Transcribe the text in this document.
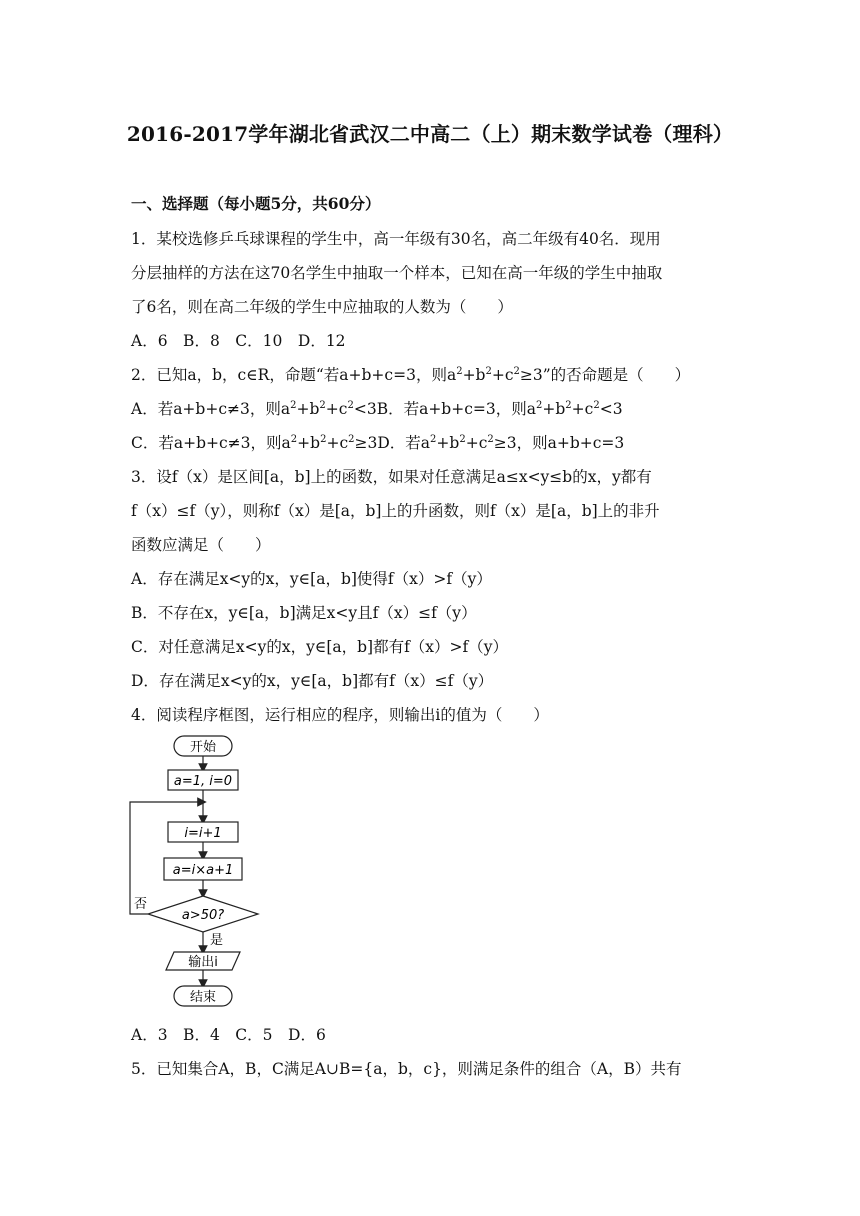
2016-2017学年湖北省武汉二中高二（上）期末数学试卷（理科）
一、选择题（每小题5分，共60分）
1．某校选修乒乓球课程的学生中，高一年级有30名，高二年级有40名．现用
分层抽样的方法在这70名学生中抽取一个样本，已知在高一年级的学生中抽取
了6名，则在高二年级的学生中应抽取的人数为（　　）
A．6　B．8　C．10　D．12
2．已知a，b，c∈R，命题“若a+b+c=3，则$a^2+b^2+c^2\ge 3$”的否命题是（　　）
A．若a+b+c≠3，则$a^2+b^2+c^2<3B$．若a+b+c=3，则$a^2+b^2+c^2<3$
C．若a+b+c≠3，则$a^2+b^2+c^2\ge 3D$．若$a^2+b^2+c^2\ge 3$，则a+b+c=3
3．设f（x）是区间[a，b]上的函数，如果对任意满足a≤x<y≤b的x，y都有
f（x）≤f（y），则称f（x）是[a，b]上的升函数，则f（x）是[a，b]上的非升
函数应满足（　　）
A．存在满足x<y的x，y∈[a，b]使得f（x）>f（y）
B．不存在x，y∈[a，b]满足x<y且f（x）≤f（y）
C．对任意满足x<y的x，y∈[a，b]都有f（x）>f（y）
D．存在满足x<y的x，y∈[a，b]都有f（x）≤f（y）
4．阅读程序框图，运行相应的程序，则输出i的值为（　　）
开始
a=1, i=0
i=i+1
a=i×a+1
a>50?
否
是
输出i
结束
A．3　B．4　C．5　D．6
5．已知集合A，B，C满足A∪B={a，b，c}，则满足条件的组合（A，B）共有
